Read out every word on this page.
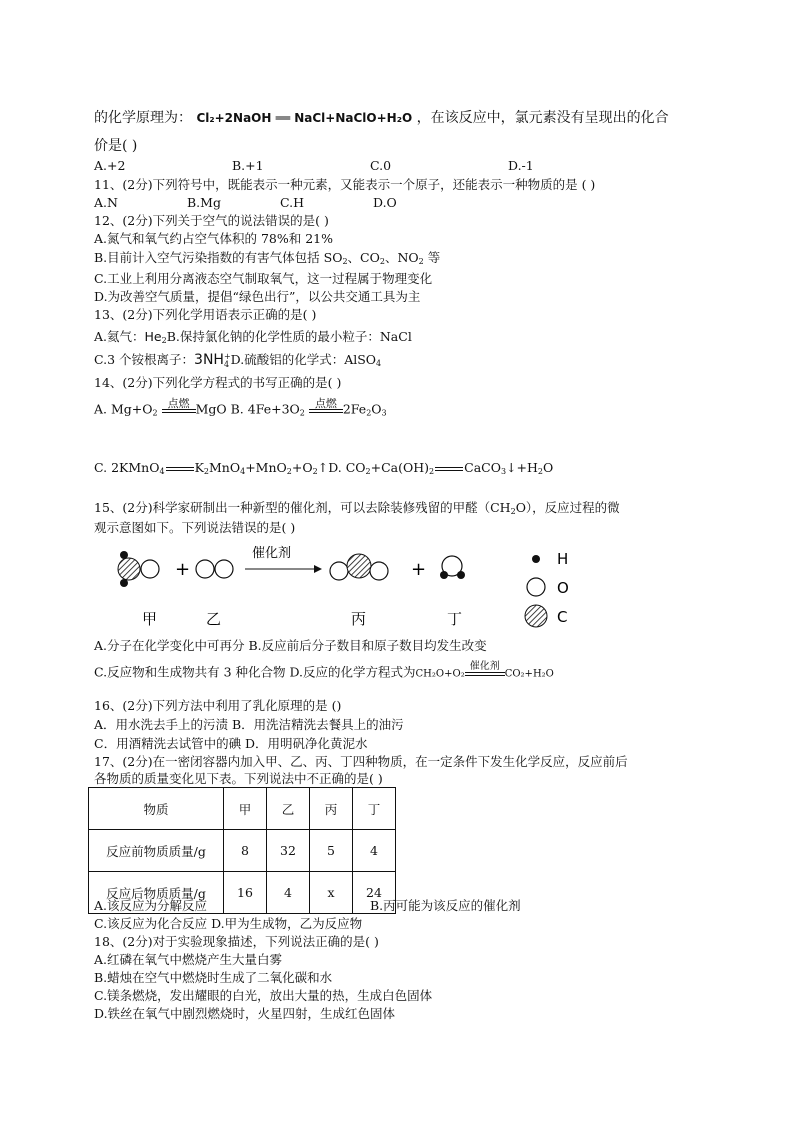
的化学原理为： Cl₂+2NaOH ══ NaCl+NaClO+H₂O ，在该反应中，氯元素没有呈现出的化合
价是( )
A.+2	B.+1	C.0	D.-1
11、(2分)下列符号中，既能表示一种元素，又能表示一个原子，还能表示一种物质的是 ( )
A.N	B.Mg	C.H	D.O
12、(2分)下列关于空气的说法错误的是( )
A.氮气和氧气约占空气体积的 78%和 21%
B.目前计入空气污染指数的有害气体包括 $SO_2$、$CO_2$、$NO_2$ 等
C.工业上利用分离液态空气制取氧气，这一过程属于物理变化
D.为改善空气质量，提倡“绿色出行”，以公共交通工具为主
13、(2分)下列化学用语表示正确的是( )
A.氦气：$He_2B$.保持氯化钠的化学性质的最小粒子：NaCl
C.3 个铵根离子：3NH +
4 D.硫酸铝的化学式：AlSO$_4$
14、(2分)下列化学方程式的书写正确的是( )
A. $Mg+O_2$
点燃 MgO B. $4Fe+3O_2$
点燃 $2Fe_2O_3$
C. 2KMnO$_4$ $K_2MnO_4+MnO_2+O_2↑D$. $CO_2+Ca(OH)_2$ $CaCO_3↓+H_2O$
15、(2分)科学家研制出一种新型的催化剂，可以去除装修残留的甲醛$(CH_2O)$，反应过程的微
观示意图如下。下列说法错误的是( )
+
催化剂
+
甲	乙	丙	丁
H
O
C
A.分子在化学变化中可再分 B.反应前后分子数目和原子数目均发生改变
C.反应物和生成物共有 3 种化合物 D.反应的化学方程式为CH₂O+O₂
催化剂
CO₂+H₂O
16、(2分)下列方法中利用了乳化原理的是 ()
A．用水洗去手上的污渍 B．用洗洁精洗去餐具上的油污
C．用酒精洗去试管中的碘 D．用明矾净化黄泥水
17、(2分)在一密闭容器内加入甲、乙、丙、丁四种物质，在一定条件下发生化学反应，反应前后
各物质的质量变化见下表。下列说法中不正确的是( )
物质	甲	乙	丙	丁
反应前物质质量/g	8	32	5	4
反应后物质质量/g	16	4	x	24
A.该反应为分解反应	B.丙可能为该反应的催化剂
C.该反应为化合反应 D.甲为生成物，乙为反应物
18、(2分)对于实验现象描述，下列说法正确的是( )
A.红磷在氧气中燃烧产生大量白雾
B.蜡烛在空气中燃烧时生成了二氧化碳和水
C.镁条燃烧，发出耀眼的白光，放出大量的热，生成白色固体
D.铁丝在氧气中剧烈燃烧时，火星四射，生成红色固体
